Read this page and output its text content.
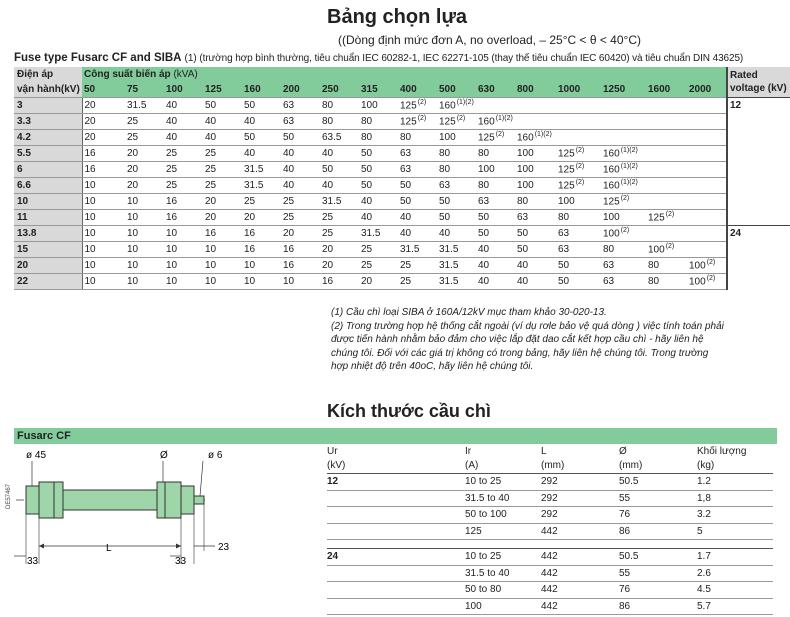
Bảng chọn lựa
((Dòng định mức đơn A, no overload, – 25°C < θ < 40°C)
Fuse type Fusarc CF and SIBA (1) (trường hợp bình thường, tiêu chuẩn IEC 60282-1, IEC 62271-105 (thay thế tiêu chuẩn IEC 60420) và tiêu chuẩn DIN 43625)
Điện áp	Công suất biến áp (kVA)																Rated
voltage (kV)

vận hành(kV)	50	75	100	125	160	200	250	315	400	500	630	800	1000	1250	1600	2000	
3	20	31.5	40	50	50	63	80	100	125$^{(2)}$	$160^{(1)(2)}$							12
3.3	20	25	40	40	40	63	80	80	125$^{(2)}$	125$^{(2)}$	$160^{(1)(2)}$						
4.2	20	25	40	40	50	50	63.5	80	80	100	125$^{(2)}$	$160^{(1)(2)}$					
5.5	16	20	25	25	40	40	40	50	63	80	80	100	125$^{(2)}$	$160^{(1)(2)}$			
6	16	20	25	25	31.5	40	50	50	63	80	100	100	125$^{(2)}$	$160^{(1)(2)}$			
6.6	10	20	25	25	31.5	40	40	50	50	63	80	100	125$^{(2)}$	$160^{(1)(2)}$			
10	10	10	16	20	25	25	31.5	40	50	50	63	80	100	125$^{(2)}$			
11	10	10	16	20	20	25	25	40	40	50	50	63	80	100	125$^{(2)}$		
13.8	10	10	10	16	16	20	25	31.5	40	40	50	50	63	100$^{(2)}$			24
15	10	10	10	10	16	16	20	25	31.5	31.5	40	50	63	80	100$^{(2)}$		
20	10	10	10	10	10	16	20	25	25	31.5	40	40	50	63	80	100$^{(2)}$	
22	10	10	10	10	10	10	16	20	25	31.5	40	40	50	63	80	100$^{(2)}$	

(1) Cầu chì loại SIBA ở 160A/12kV mục tham khảo 30-020-13.

(2) Trong trường hợp hệ thống cắt ngoài (ví dụ rơle bảo vệ quá dòng ) việc tính toán phải

được tiến hành nhằm bảo đảm cho việc lắp đặt dao cắt kết hợp cầu chì - hãy liên hệ

chúng tôi. Đối với các giá trị không có trong bảng, hãy liên hệ chúng tôi. Trong trường

hợp nhiệt độ trên 40oC, hãy liên hệ chúng tôi.

Kích thước cầu chì
Fusarc CF
DE57467
ø 45	Ø	ø 6
L
33	33
23
Ur	Ir	L	Ø	Khối lượng
(kV)	(A)	(mm)	(mm)	(kg)
12	10 to 25	292	50.5	1.2
	31.5 to 40	292	55	1,8
	50 to 100	292	76	3.2
	125	442	86	5

24	10 to 25	442	50.5	1.7
	31.5 to 40	442	55	2.6
	50 to 80	442	76	4.5
	100	442	86	5.7
